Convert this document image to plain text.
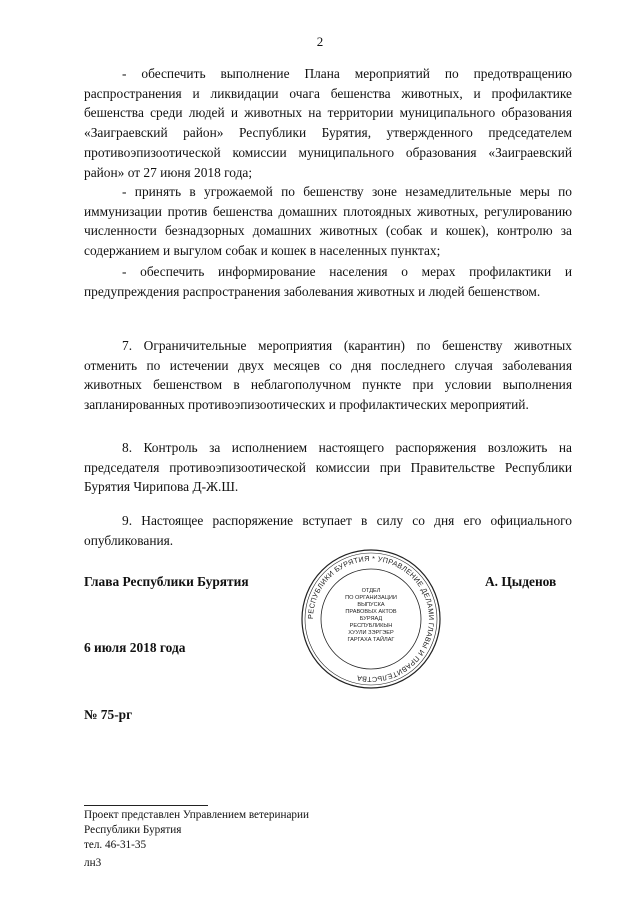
2

- обеспечить выполнение Плана мероприятий по предотвращению распространения и ликвидации очага бешенства животных, и профилактике бешенства среди людей и животных на территории муниципального образования «Заиграевский район» Республики Бурятия, утвержденного председателем противоэпизоотической комиссии муниципального образования «Заиграевский район» от 27 июня 2018 года;

- принять в угрожаемой по бешенству зоне незамедлительные меры по иммунизации против бешенства домашних плотоядных животных, регулированию численности безнадзорных домашних животных (собак и кошек), контролю за содержанием и выгулом собак и кошек в населенных пунктах;

- обеспечить информирование населения о мерах профилактики и предупреждения распространения заболевания животных и людей бешенством.

7. Ограничительные мероприятия (карантин) по бешенству животных отменить по истечении двух месяцев со дня последнего случая заболевания животных бешенством в неблагополучном пункте при условии выполнения запланированных противоэпизоотических и профилактических мероприятий.

8. Контроль за исполнением настоящего распоряжения возложить на председателя противоэпизоотической комиссии при Правительстве Республики Бурятия Чирипова Д-Ж.Ш.

9. Настоящее распоряжение вступает в силу со дня его официального опубликования.

Глава Республики Бурятия	А. Цыденов
6 июля 2018 года
№ 75-рг
РЕСПУБЛИКИ БУРЯТИЯ * УПРАВЛЕНИЕ ДЕЛАМИ ГЛАВЫ И ПРАВИТЕЛЬСТВА
ОТДЕЛ
ПО ОРГАНИЗАЦИИ
ВЫПУСКА
ПРАВОВЫХ АКТОВ
БУРЯАД
РЕСПУБЛИКЫН
ХУУЛИ ЗЭРГЭЕР
ГАРГАХА ТАЙЛАГ
Проект представлен Управлением ветеринарии
Республики Бурятия
тел. 46-31-35
лн3
